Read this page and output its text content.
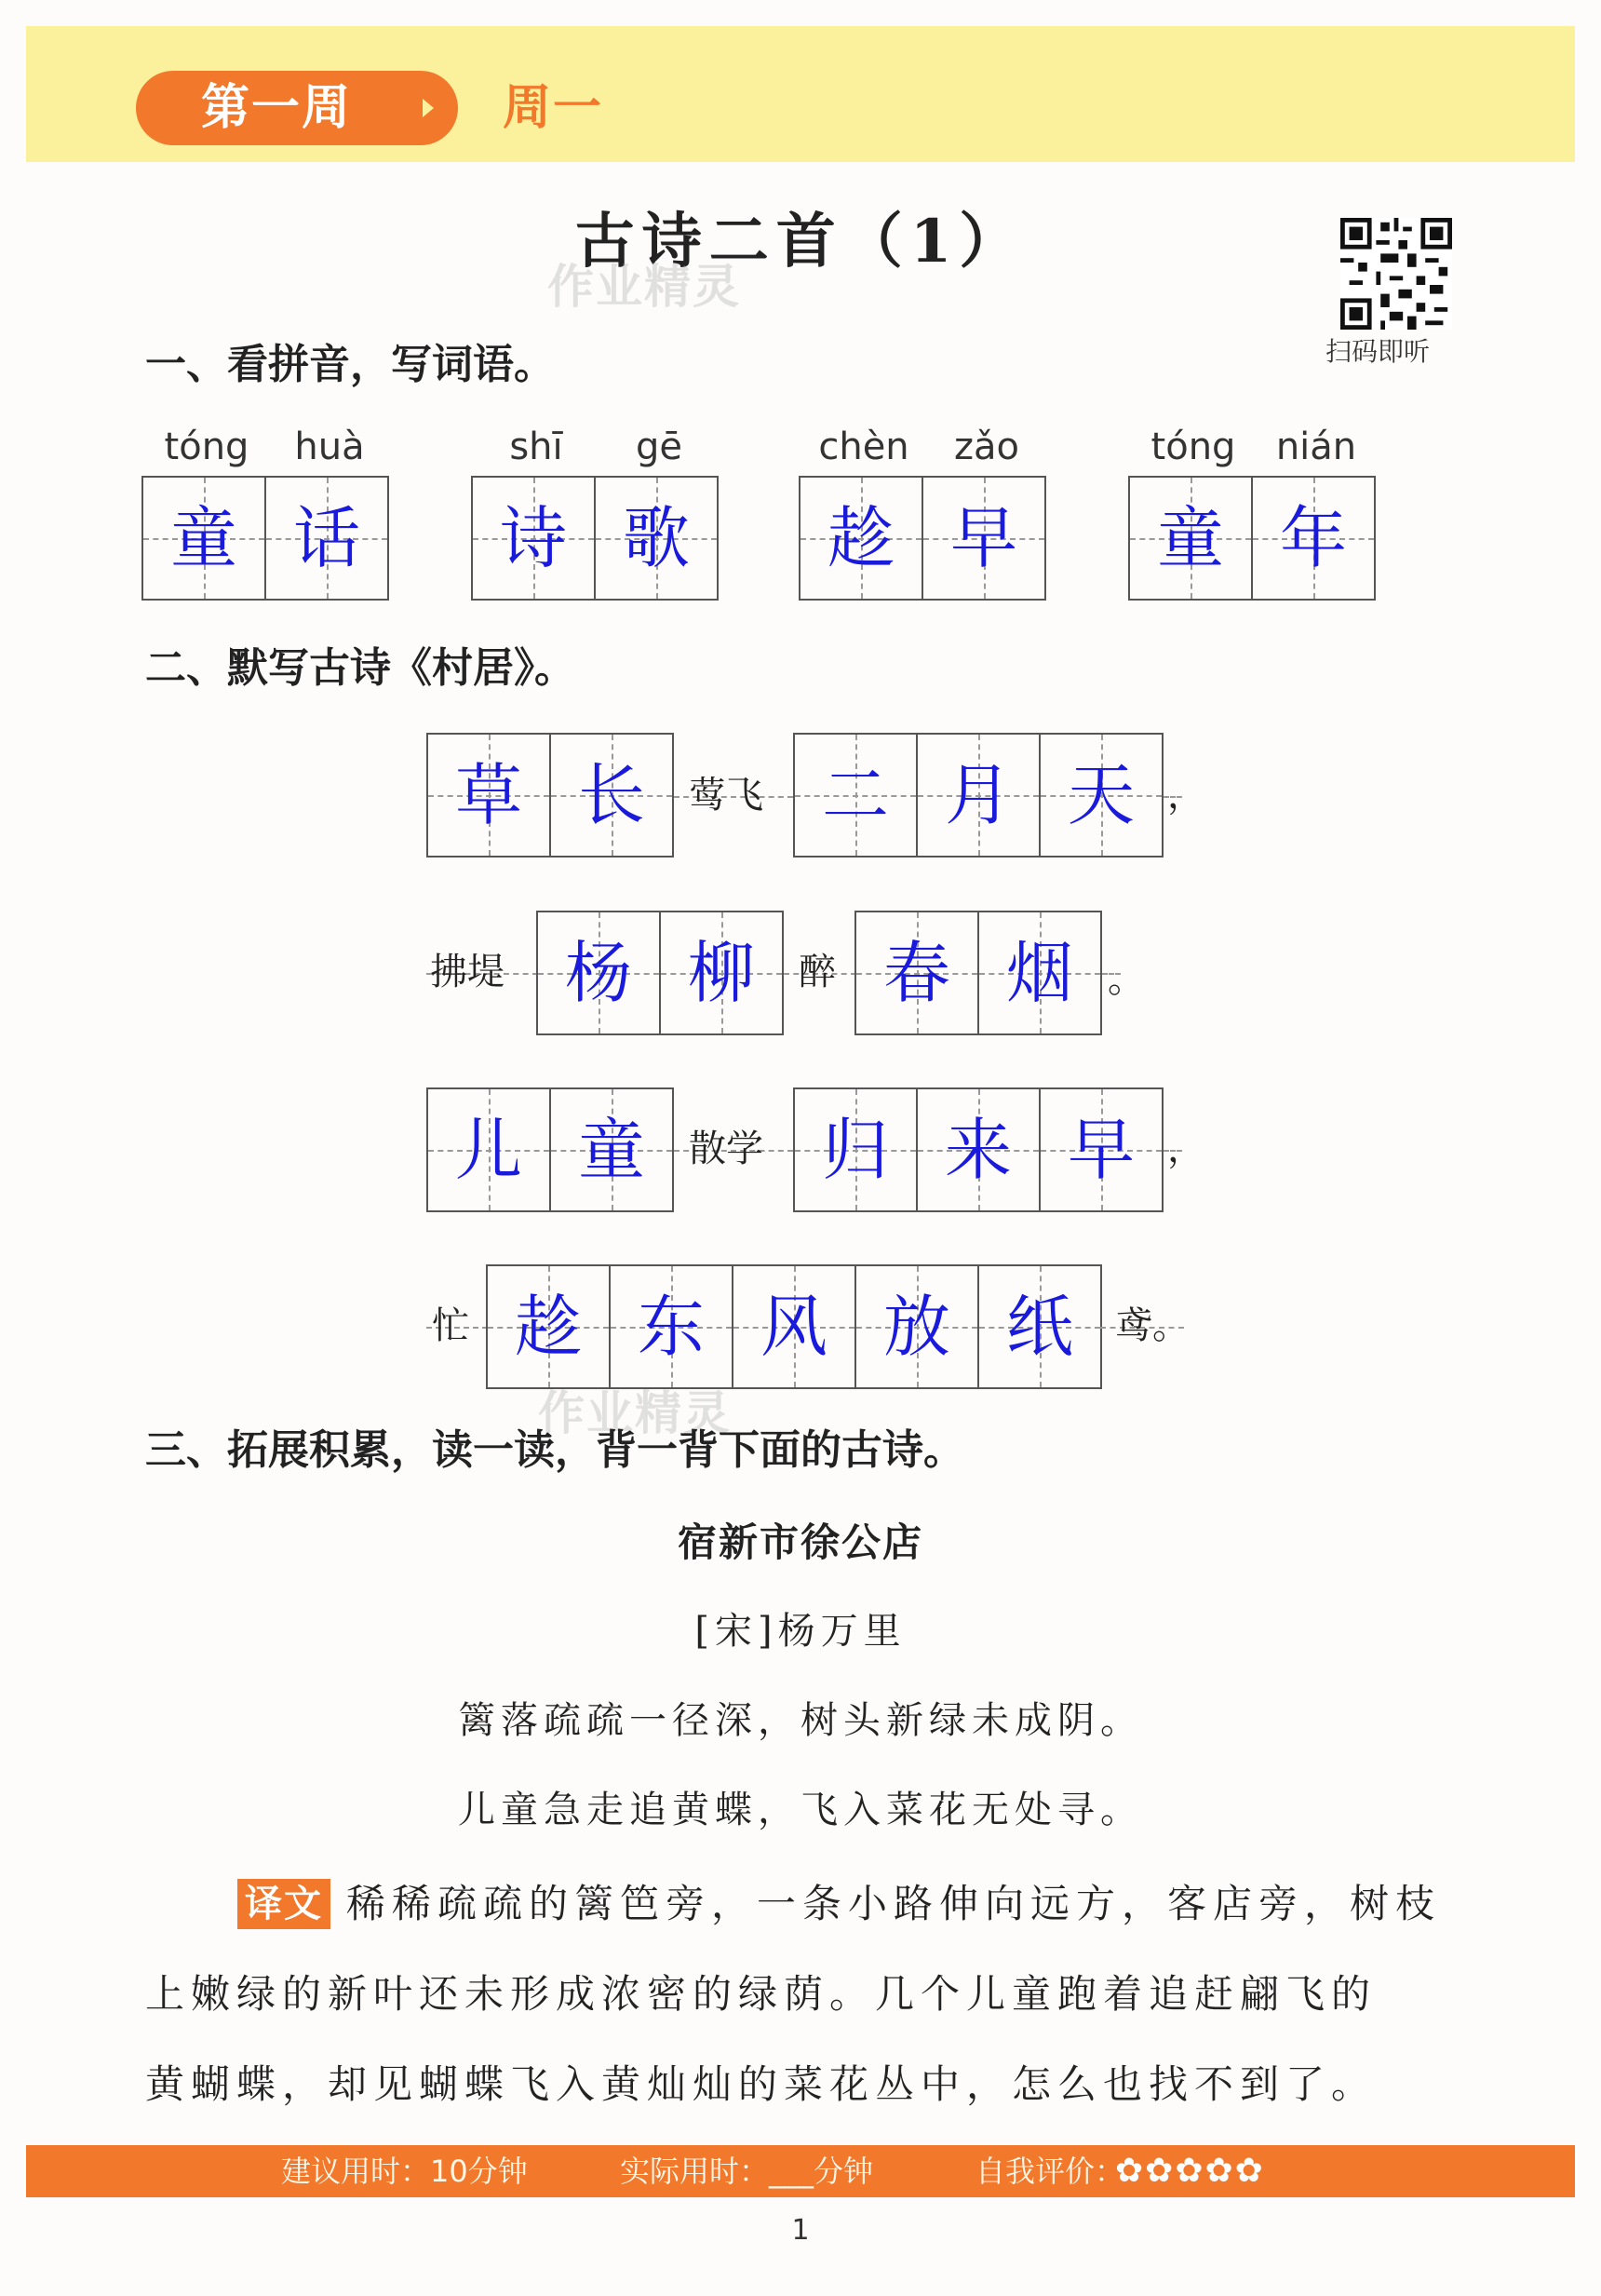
第一周	周一
古诗二首（1）
作业精灵
扫码即听
一、看拼音，写词语。
tóng	huà
童 话
shī	gē
诗 歌
chèn	zǎo
趁 早
tóng	nián
童 年
二、默写古诗《村居》。
草 长	莺飞 二 月 天 ，
拂堤 杨 柳	醉 春 烟 。
儿 童	散学 归 来 早 ，
忙 趁 东 风 放 纸	鸢。
作业精灵
三、拓展积累，读一读，背一背下面的古诗。
宿新市徐公店
[宋]杨万里
篱落疏疏一径深，树头新绿未成阴。
儿童急走追黄蝶，飞入菜花无处寻。
译文 稀稀疏疏的篱笆旁，一条小路伸向远方，客店旁，树枝
上嫩绿的新叶还未形成浓密的绿荫。几个儿童跑着追赶翩飞的
黄蝴蝶，却见蝴蝶飞入黄灿灿的菜花丛中，怎么也找不到了。
建议用时：10分钟	实际用时：___分钟	自我评价：
✿✿✿✿✿
1
